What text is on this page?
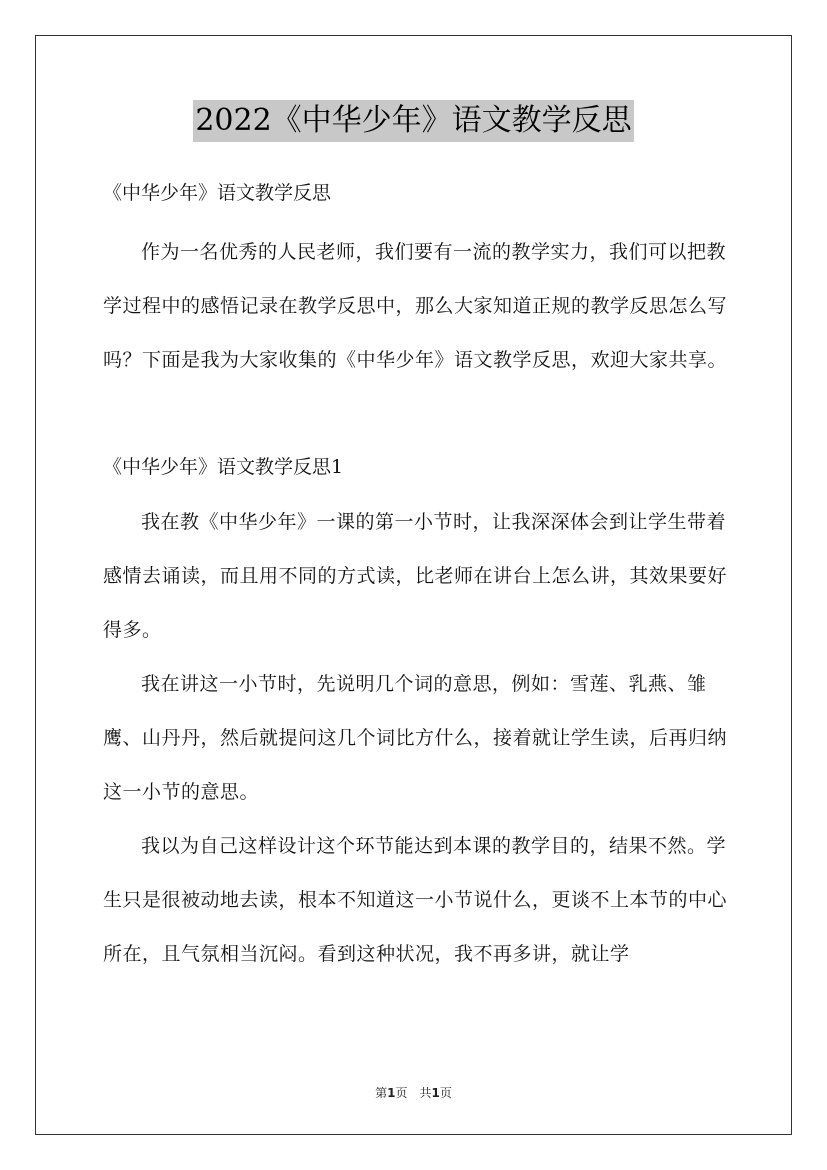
2022《中华少年》语文教学反思

《中华少年》语文教学反思

作为一名优秀的人民老师，我们要有一流的教学实力，我们可以把教学过程中的感悟记录在教学反思中，那么大家知道正规的教学反思怎么写吗？下面是我为大家收集的《中华少年》语文教学反思，欢迎大家共享。

《中华少年》语文教学反思1

我在教《中华少年》一课的第一小节时，让我深深体会到让学生带着感情去诵读，而且用不同的方式读，比老师在讲台上怎么讲，其效果要好得多。

我在讲这一小节时，先说明几个词的意思，例如：雪莲、乳燕、雏鹰、山丹丹，然后就提问这几个词比方什么，接着就让学生读，后再归纳这一小节的意思。

我以为自己这样设计这个环节能达到本课的教学目的，结果不然。学生只是很被动地去读，根本不知道这一小节说什么，更谈不上本节的中心所在，且气氛相当沉闷。看到这种状况，我不再多讲，就让学

第1页 共1页
